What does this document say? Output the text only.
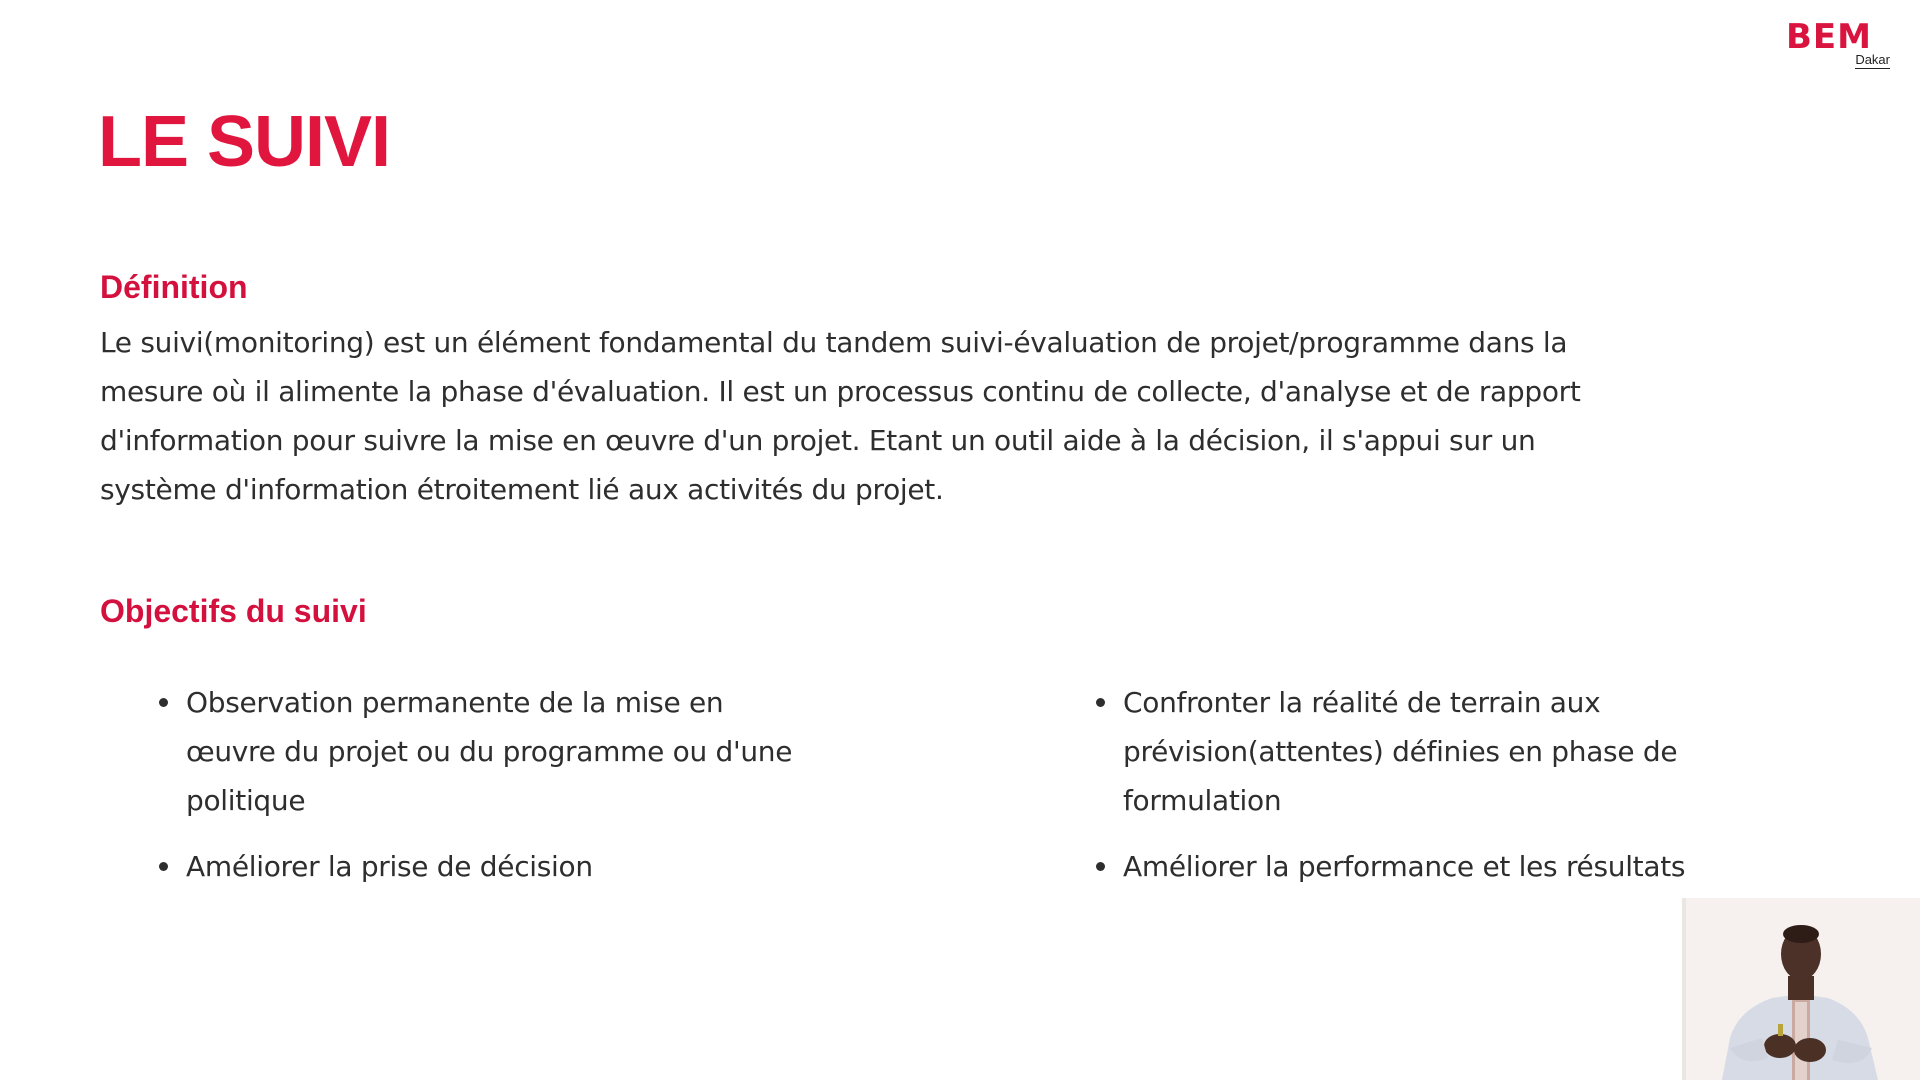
BEM
Dakar
LE SUIVI
Définition

Le suivi(monitoring) est un élément fondamental du tandem suivi-évaluation de projet/programme dans la
mesure où il alimente la phase d'évaluation. Il est un processus continu de collecte, d'analyse et de rapport
d'information pour suivre la mise en œuvre d'un projet. Etant un outil aide à la décision, il s'appui sur un
système d'information étroitement lié aux activités du projet.

Objectifs du suivi
Observation permanente de la mise en
œuvre du projet ou du programme ou d'une
politique
Améliorer la prise de décision
Confronter la réalité de terrain aux
prévision(attentes) définies en phase de
formulation
Améliorer la performance et les résultats
